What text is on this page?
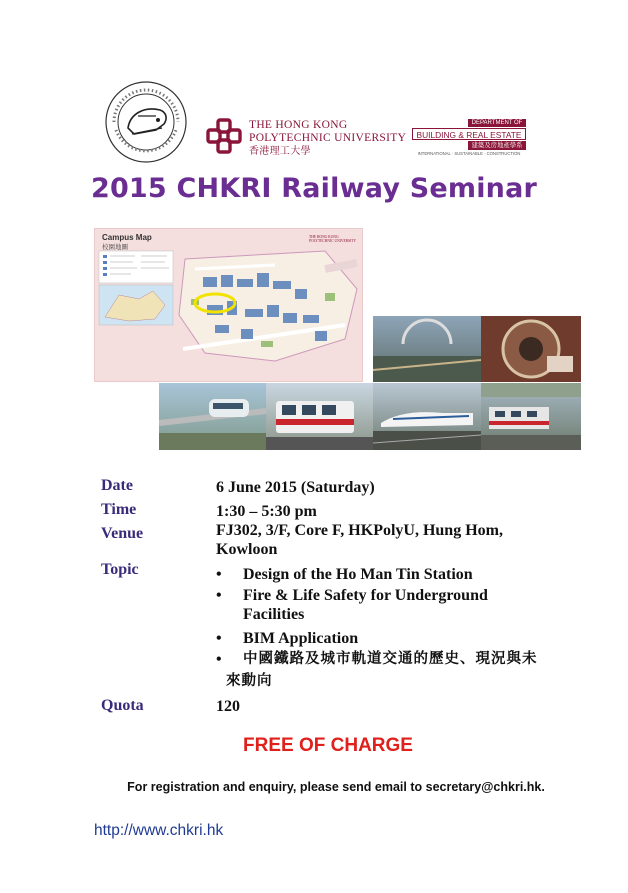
THE HONG KONG
POLYTECHNIC UNIVERSITY
香港理工大學
DEPARTMENT OF
BUILDING & REAL ESTATE
建築及房地產學系
INTERNATIONAL · SUSTAINABLE · CONSTRUCTION
2015 CHKRI Railway Seminar
Campus Map
校園地圖
THE HONG KONG POLYTECHNIC UNIVERSITY
Date	6 June 2015 (Saturday)
Time	1:30 – 5:30 pm
Venue	FJ302, 3/F, Core F, HKPolyU, Hung Hom,
Kowloon
Topic	•	Design of the Ho Man Tin Station
•	Fire & Life Safety for Underground
Facilities
•	BIM Application
•	中國鐵路及城市軌道交通的歷史、現況與未
來動向
Quota	120
FREE OF CHARGE
For registration and enquiry, please send email to secretary@chkri.hk.
http://www.chkri.hk
